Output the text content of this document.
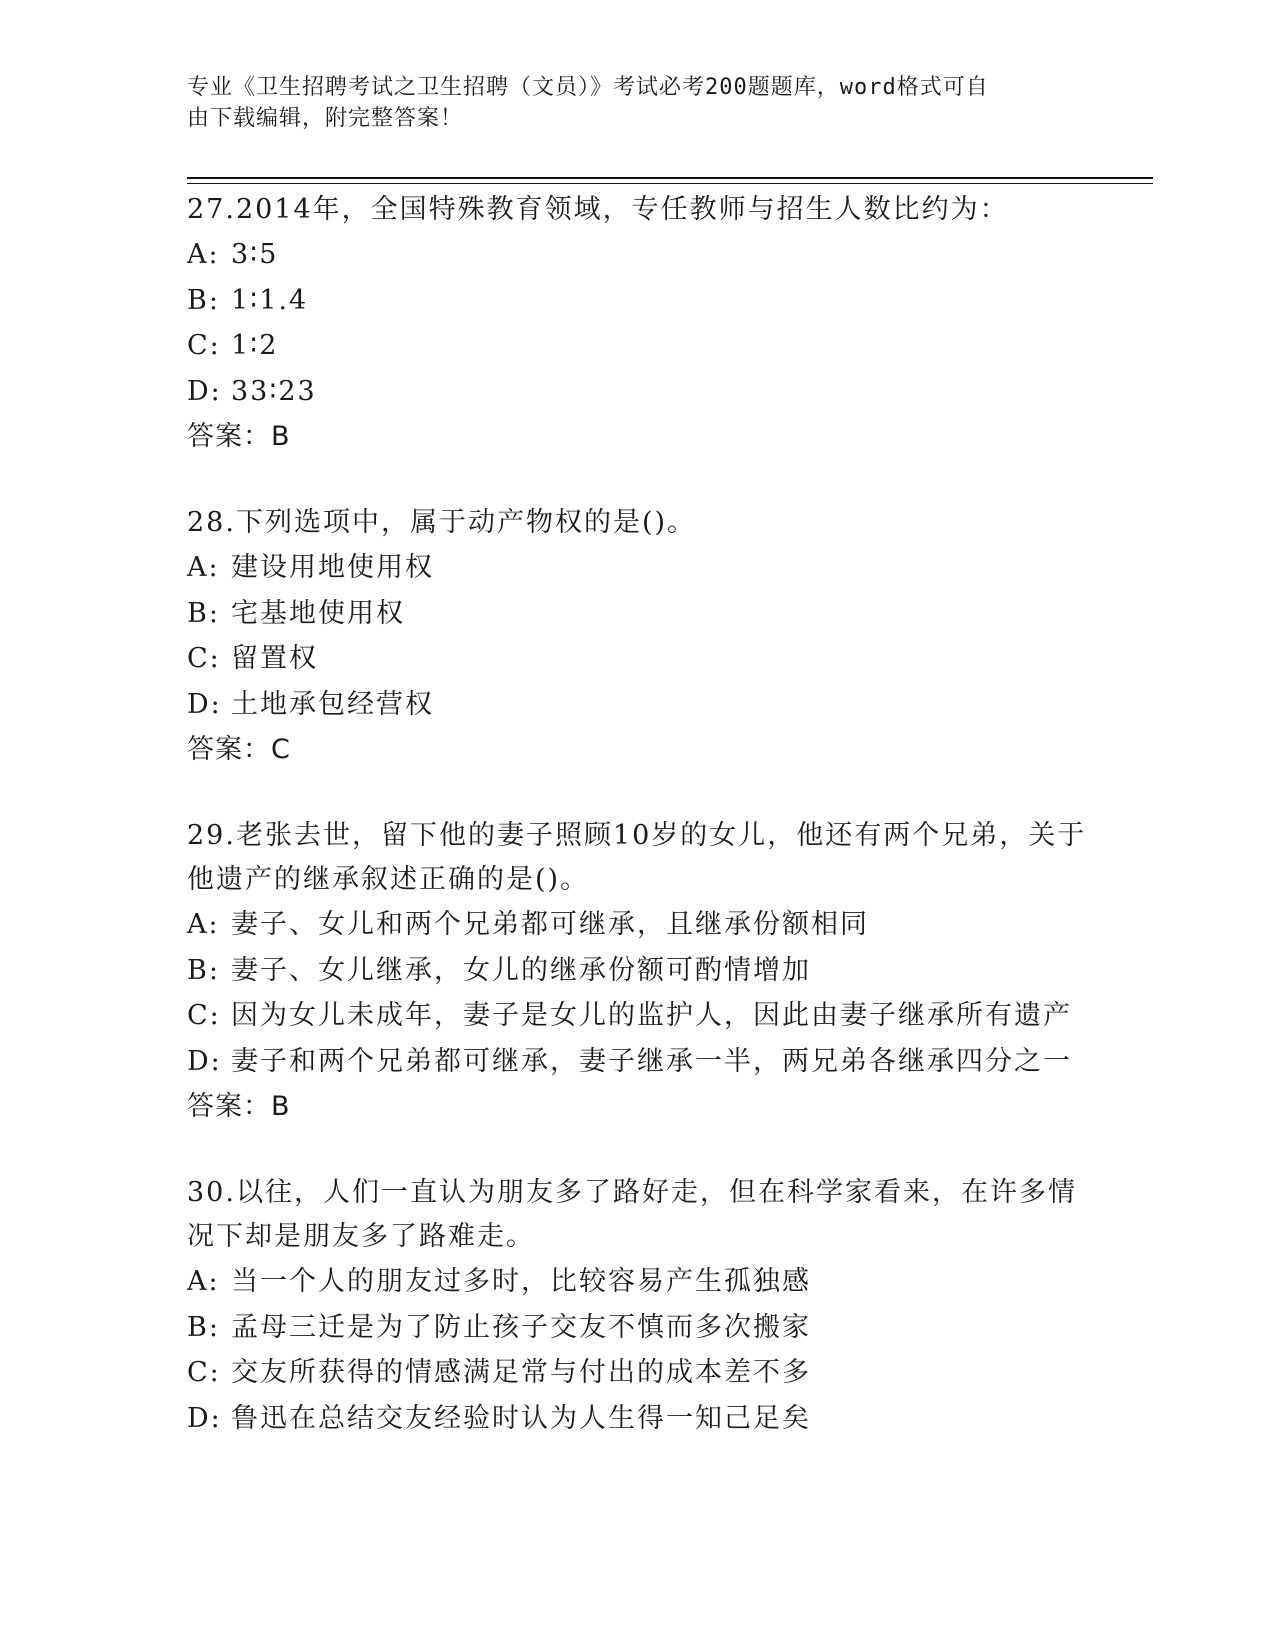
专业《卫生招聘考试之卫生招聘（文员）》考试必考200题题库，word格式可自
由下载编辑，附完整答案！
27.2014年，全国特殊教育领域，专任教师与招生人数比约为：
A: 3∶5
B: 1∶1.4
C: 1∶2
D: 33∶23
答案：B
28.下列选项中，属于动产物权的是()。
A: 建设用地使用权
B: 宅基地使用权
C: 留置权
D: 土地承包经营权
答案：C
29.老张去世，留下他的妻子照顾10岁的女儿，他还有两个兄弟，关于他遗产的继承叙述正确的是()。
A: 妻子、女儿和两个兄弟都可继承，且继承份额相同
B: 妻子、女儿继承，女儿的继承份额可酌情增加
C: 因为女儿未成年，妻子是女儿的监护人，因此由妻子继承所有遗产
D: 妻子和两个兄弟都可继承，妻子继承一半，两兄弟各继承四分之一
答案：B
30.以往，人们一直认为朋友多了路好走，但在科学家看来，在许多情况下却是朋友多了路难走。
A: 当一个人的朋友过多时，比较容易产生孤独感
B: 孟母三迁是为了防止孩子交友不慎而多次搬家
C: 交友所获得的情感满足常与付出的成本差不多
D: 鲁迅在总结交友经验时认为人生得一知己足矣
